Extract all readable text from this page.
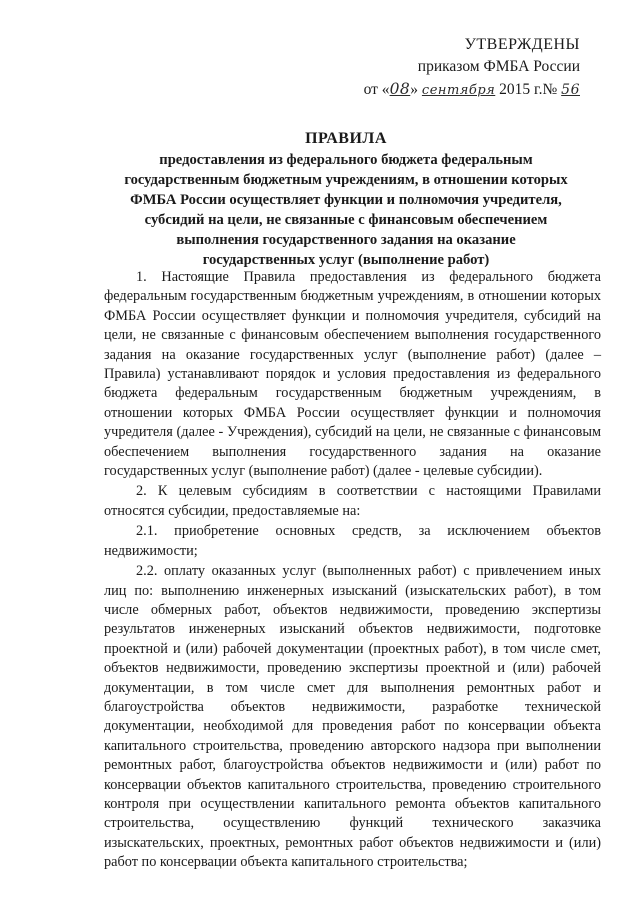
УТВЕРЖДЕНЫ
приказом ФМБА России
от «08» сентября 2015 г.№ 56
ПРАВИЛА
предоставления из федерального бюджета федеральным
государственным бюджетным учреждениям, в отношении которых
ФМБА России осуществляет функции и полномочия учредителя,
субсидий на цели, не связанные с финансовым обеспечением
выполнения государственного задания на оказание
государственных услуг (выполнение работ)

1. Настоящие Правила предоставления из федерального бюджета федеральным государственным бюджетным учреждениям, в отношении которых ФМБА России осуществляет функции и полномочия учредителя, субсидий на цели, не связанные с финансовым обеспечением выполнения государственного задания на оказание государственных услуг (выполнение работ) (далее – Правила) устанавливают порядок и условия предоставления из федерального бюджета федеральным государственным бюджетным учреждениям, в отношении которых ФМБА России осуществляет функции и полномочия учредителя (далее - Учреждения), субсидий на цели, не связанные с финансовым обеспечением выполнения государственного задания на оказание государственных услуг (выполнение работ) (далее - целевые субсидии).

2. К целевым субсидиям в соответствии с настоящими Правилами относятся субсидии, предоставляемые на:

2.1. приобретение основных средств, за исключением объектов недвижимости;

2.2. оплату оказанных услуг (выполненных работ) с привлечением иных лиц по: выполнению инженерных изысканий (изыскательских работ), в том числе обмерных работ, объектов недвижимости, проведению экспертизы результатов инженерных изысканий объектов недвижимости, подготовке проектной и (или) рабочей документации (проектных работ), в том числе смет, объектов недвижимости, проведению экспертизы проектной и (или) рабочей документации, в том числе смет для выполнения ремонтных работ и благоустройства объектов недвижимости, разработке технической документации, необходимой для проведения работ по консервации объекта капитального строительства, проведению авторского надзора при выполнении ремонтных работ, благоустройства объектов недвижимости и (или) работ по консервации объектов капитального строительства, проведению строительного контроля при осуществлении капитального ремонта объектов капитального строительства, осуществлению функций технического заказчика изыскательских, проектных, ремонтных работ объектов недвижимости и (или) работ по консервации объекта капитального строительства;
